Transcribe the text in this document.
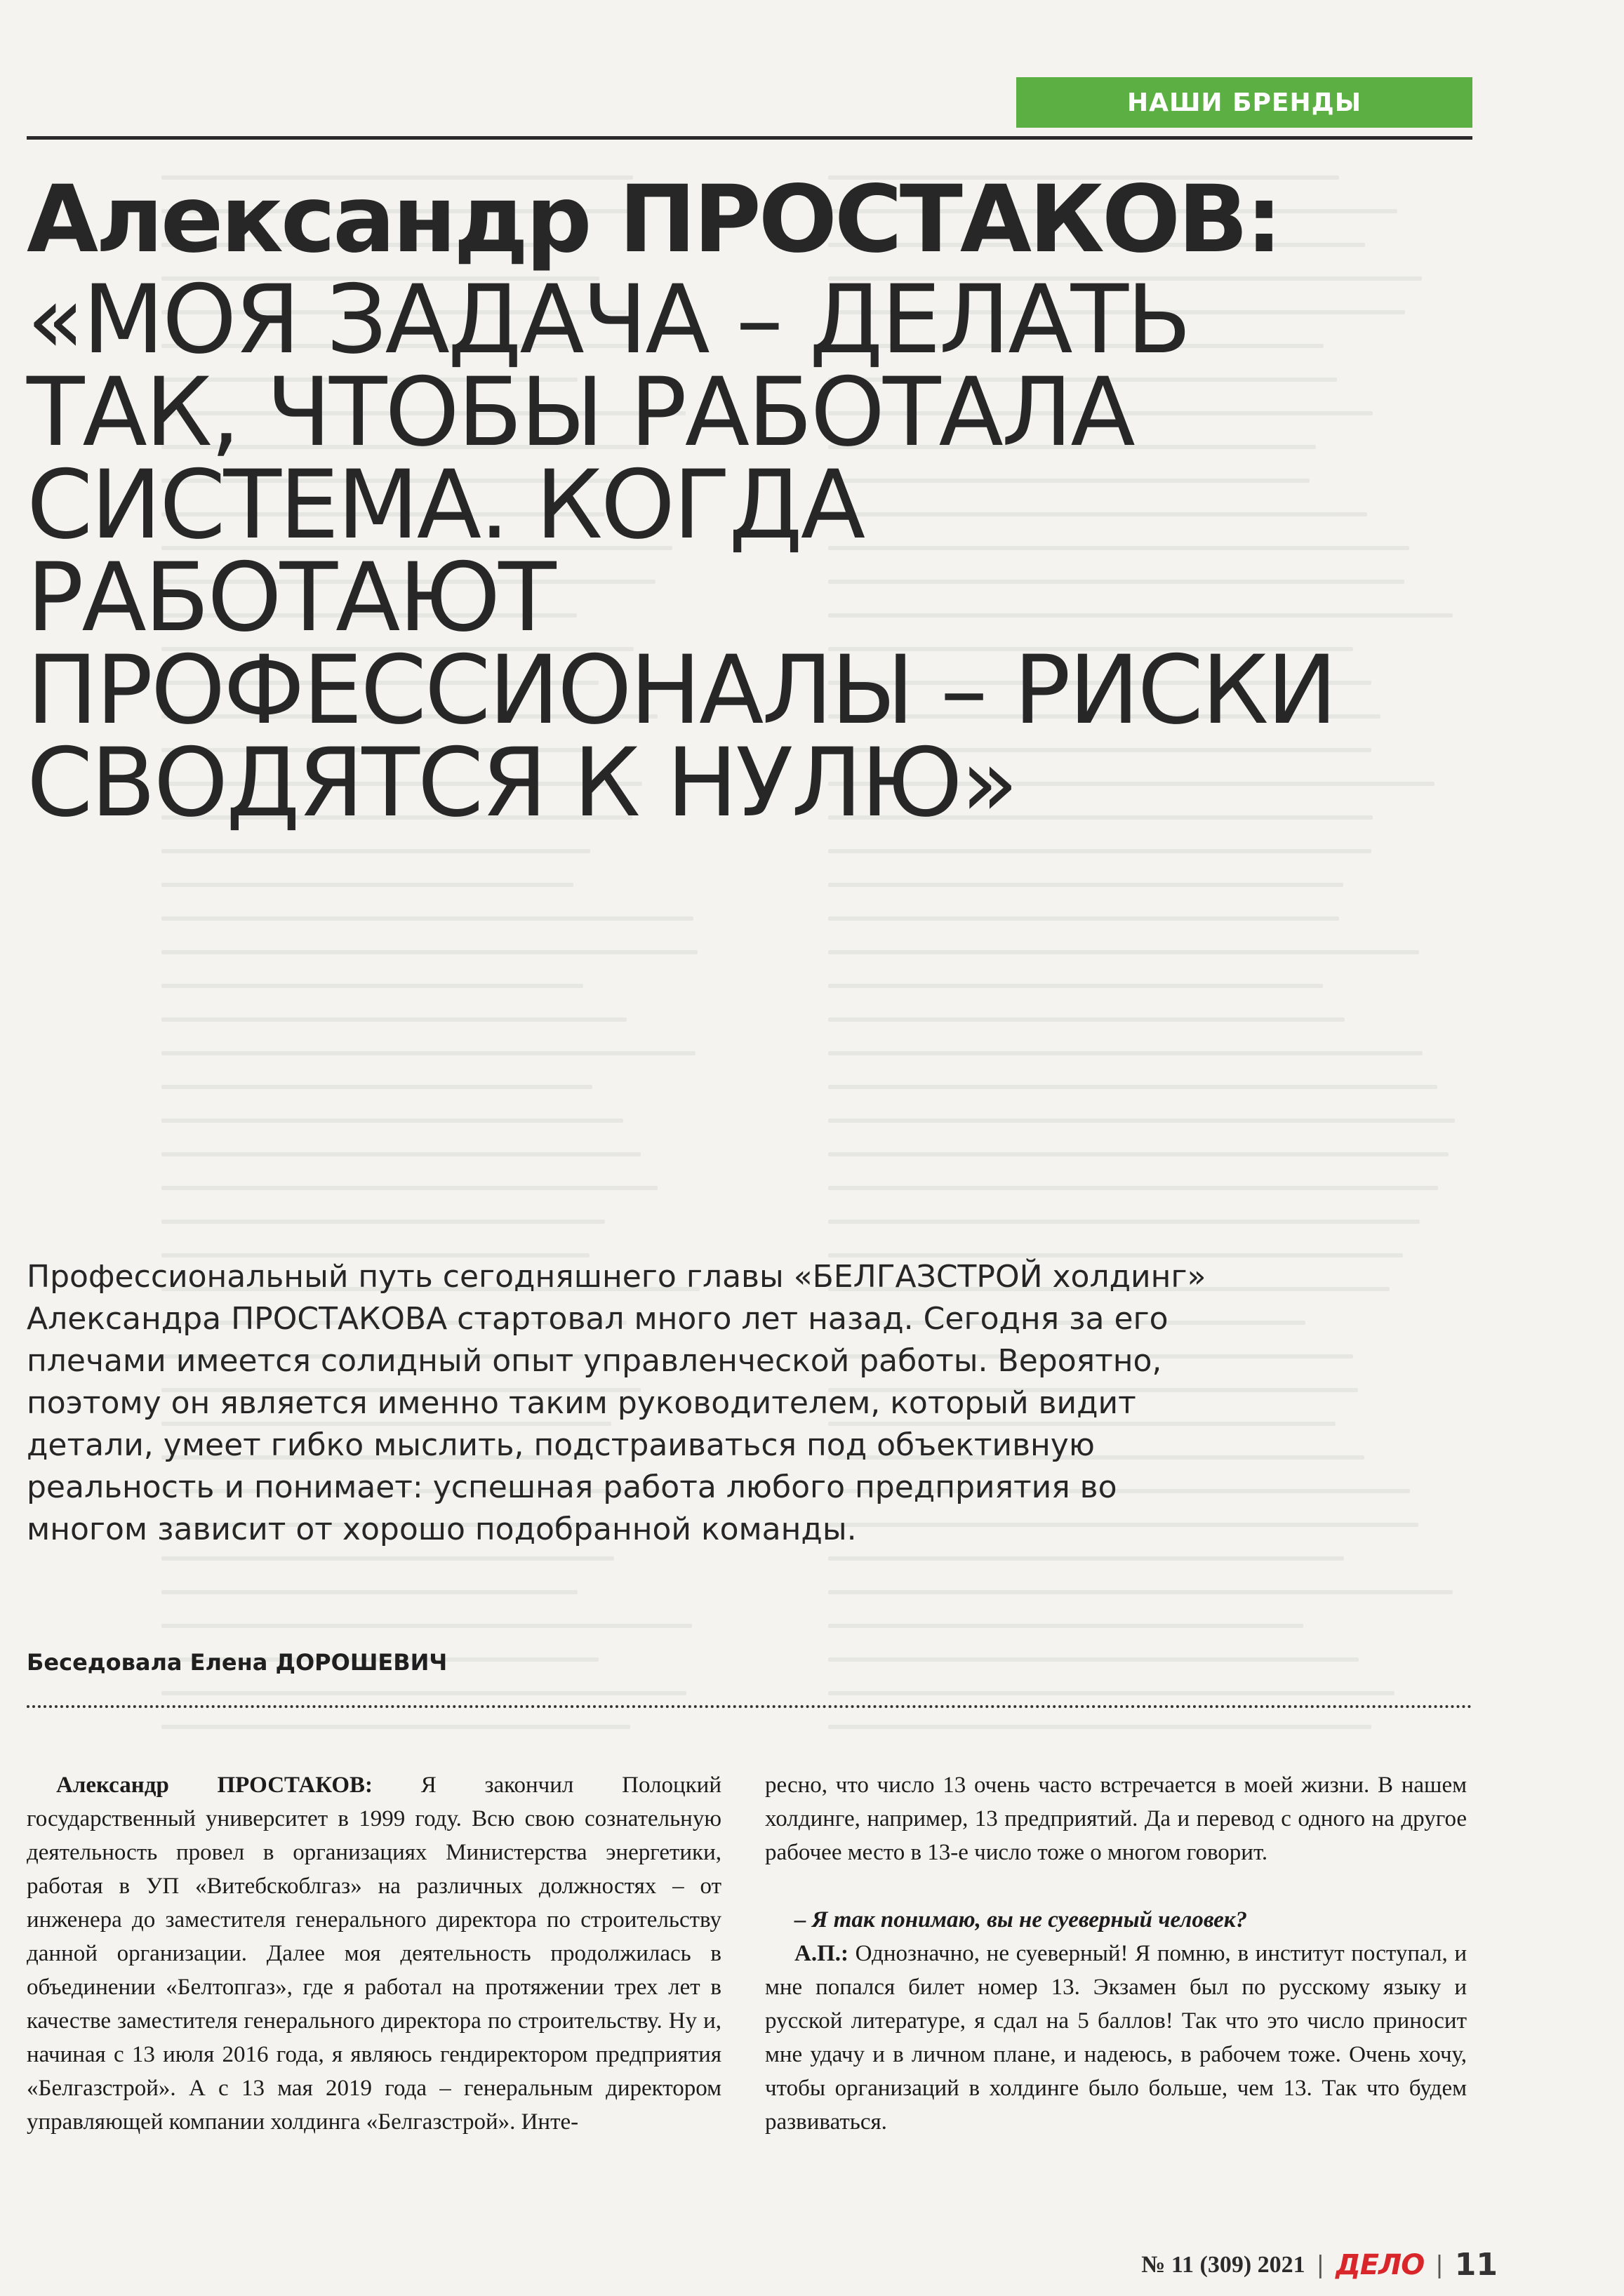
НАШИ БРЕНДЫ
Александр ПРОСТАКОВ:
«МОЯ ЗАДАЧА – ДЕЛАТЬ ТАК, ЧТОБЫ РАБОТАЛА СИСТЕМА. КОГДА РАБОТАЮТ ПРОФЕССИОНАЛЫ – РИСКИ СВОДЯТСЯ К НУЛЮ»

Профессиональный путь сегодняшнего главы «БЕЛГАЗСТРОЙ холдинг» Александра ПРОСТАКОВА стартовал много лет назад. Сегодня за его плечами имеется солидный опыт управленческой работы. Вероятно, поэтому он является именно таким руководителем, который видит детали, умеет гибко мыслить, подстраиваться под объективную реальность и понимает: успешная работа любого предприятия во многом зависит от хорошо подобранной команды.

Беседовала Елена ДОРОШЕВИЧ

Александр ПРОСТАКОВ: Я закончил Полоцкий государственный университет в 1999 году. Всю свою сознательную деятельность провел в организациях Министерства энергетики, работая в УП «Витебскоблгаз» на различных должностях – от инженера до заместителя генерального директора по строительству данной организации. Далее моя деятельность продолжилась в объединении «Белтопгаз», где я работал на протяжении трех лет в качестве заместителя генерального директора по строительству. Ну и, начиная с 13 июля 2016 года, я являюсь гендиректором предприятия «Белгазстрой». А с 13 мая 2019 года – генеральным директором управляющей компании холдинга «Белгазстрой». Инте-

ресно, что число 13 очень часто встречается в моей жизни. В нашем холдинге, например, 13 предприятий. Да и перевод с одного на другое рабочее место в 13-е число тоже о многом говорит.

– Я так понимаю, вы не суеверный человек?

А.П.: Однозначно, не суеверный! Я помню, в институт поступал, и мне попался билет номер 13. Экзамен был по русскому языку и русской литературе, я сдал на 5 баллов! Так что это число приносит мне удачу и в личном плане, и надеюсь, в рабочем тоже. Очень хочу, чтобы организаций в холдинге было больше, чем 13. Так что будем развиваться.

№ 11 (309) 2021 | ДЕЛО | 11
